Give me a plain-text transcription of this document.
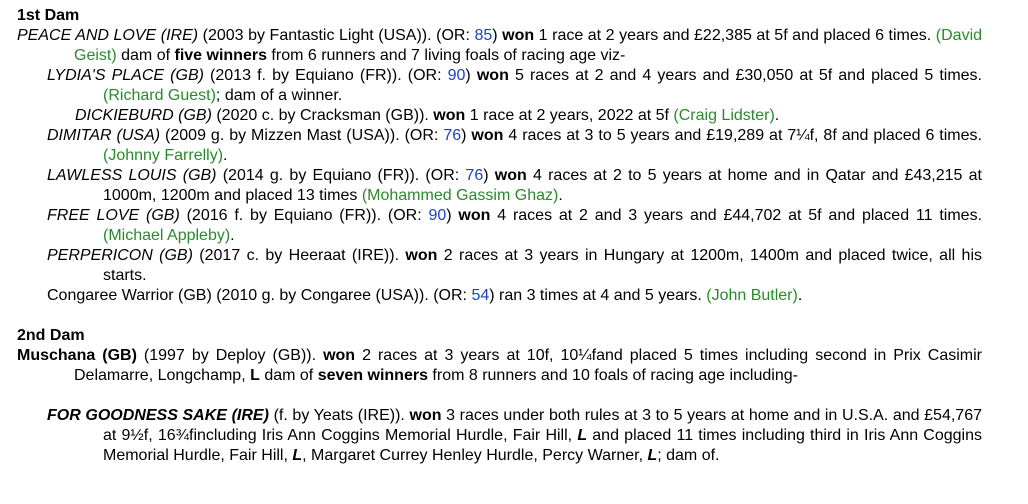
1st Dam
PEACE AND LOVE (IRE) (2003 by Fantastic Light (USA)). (OR: 85) won 1 race at 2 years and £22,385 at 5f and placed 6 times. (David Geist) dam of five winners from 6 runners and 7 living foals of racing age viz-
LYDIA'S PLACE (GB) (2013 f. by Equiano (FR)). (OR: 90) won 5 races at 2 and 4 years and £30,050 at 5f and placed 5 times.(Richard Guest); dam of a winner.
DICKIEBURD (GB) (2020 c. by Cracksman (GB)). won 1 race at 2 years, 2022 at 5f (Craig Lidster).
DIMITAR (USA) (2009 g. by Mizzen Mast (USA)). (OR: 76) won 4 races at 3 to 5 years and £19,289 at 7¼f, 8f and placed 6 times. (Johnny Farrelly).
LAWLESS LOUIS (GB) (2014 g. by Equiano (FR)). (OR: 76) won 4 races at 2 to 5 years at home and in Qatar and £43,215 at 1000m, 1200m and placed 13 times (Mohammed Gassim Ghaz).
FREE LOVE (GB) (2016 f. by Equiano (FR)). (OR: 90) won 4 races at 2 and 3 years and £44,702 at 5f and placed 11 times. (Michael Appleby).
PERPERICON (GB) (2017 c. by Heeraat (IRE)). won 2 races at 3 years in Hungary at 1200m, 1400m and placed twice, all his starts.
Congaree Warrior (GB) (2010 g. by Congaree (USA)). (OR: 54) ran 3 times at 4 and 5 years. (John Butler).
2nd Dam
Muschana (GB) (1997 by Deploy (GB)). won 2 races at 3 years at 10f, 10¼fand placed 5 times including second in Prix Casimir Delamarre, Longchamp, L dam of seven winners from 8 runners and 10 foals of racing age including-
FOR GOODNESS SAKE (IRE) (f. by Yeats (IRE)). won 3 races under both rules at 3 to 5 years at home and in U.S.A. and £54,767 at 9½f, 16¾fincluding Iris Ann Coggins Memorial Hurdle, Fair Hill, L and placed 11 times including third in Iris Ann Coggins Memorial Hurdle, Fair Hill, L, Margaret Currey Henley Hurdle, Percy Warner, L; dam of.
